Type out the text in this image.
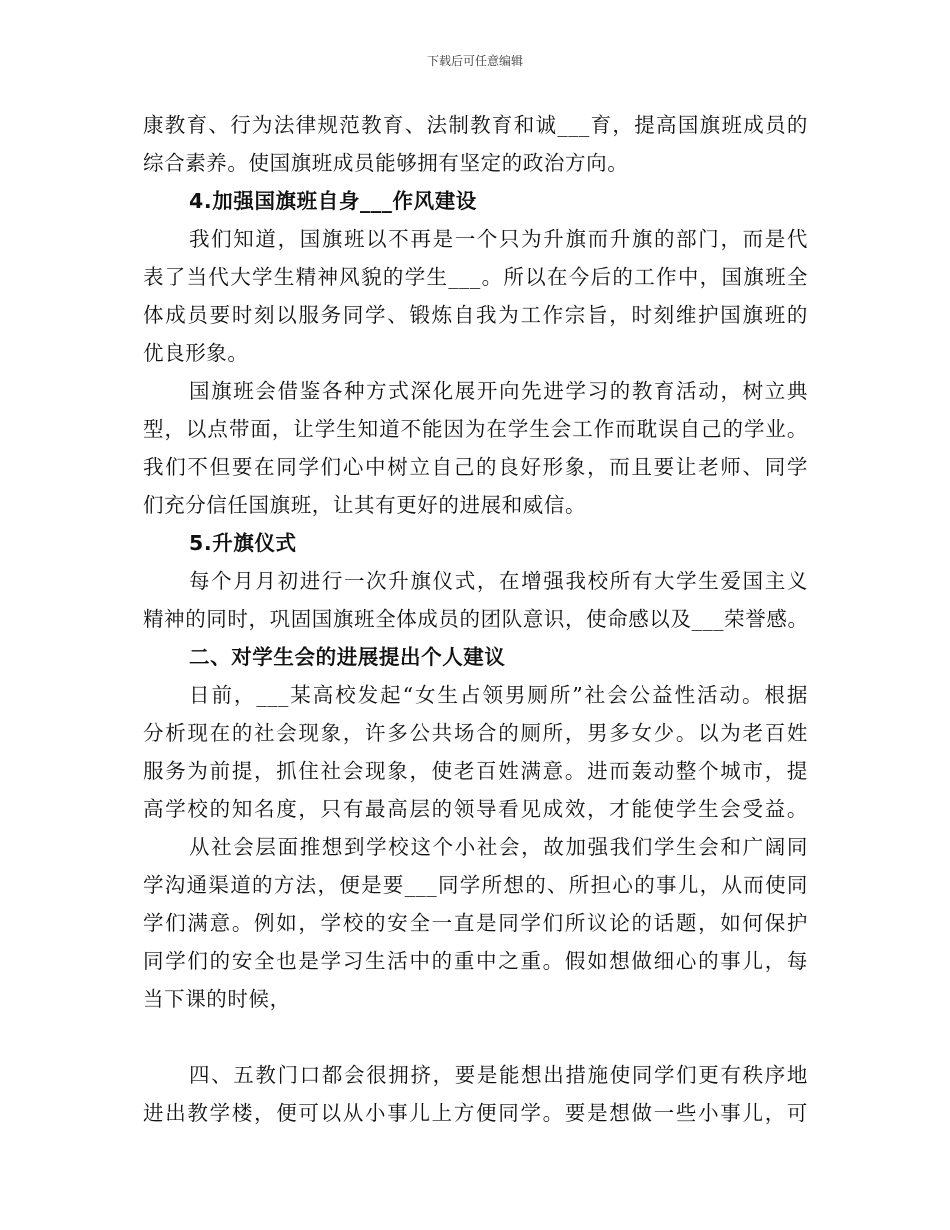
下载后可任意编辑
康教育、行为法律规范教育、法制教育和诚___育，提高国旗班成员的
综合素养。使国旗班成员能够拥有坚定的政治方向。
4.加强国旗班自身___作风建设
我们知道，国旗班以不再是一个只为升旗而升旗的部门，而是代
表了当代大学生精神风貌的学生___。所以在今后的工作中，国旗班全
体成员要时刻以服务同学、锻炼自我为工作宗旨，时刻维护国旗班的
优良形象。
国旗班会借鉴各种方式深化展开向先进学习的教育活动，树立典
型，以点带面，让学生知道不能因为在学生会工作而耽误自己的学业。
我们不但要在同学们心中树立自己的良好形象，而且要让老师、同学
们充分信任国旗班，让其有更好的进展和威信。
5.升旗仪式
每个月月初进行一次升旗仪式，在增强我校所有大学生爱国主义
精神的同时，巩固国旗班全体成员的团队意识，使命感以及___荣誉感。
二、对学生会的进展提出个人建议
日前，___某高校发起“女生占领男厕所”社会公益性活动。根据
分析现在的社会现象，许多公共场合的厕所，男多女少。以为老百姓
服务为前提，抓住社会现象，使老百姓满意。进而轰动整个城市，提
高学校的知名度，只有最高层的领导看见成效，才能使学生会受益。
从社会层面推想到学校这个小社会，故加强我们学生会和广阔同
学沟通渠道的方法，便是要___同学所想的、所担心的事儿，从而使同
学们满意。例如，学校的安全一直是同学们所议论的话题，如何保护
同学们的安全也是学习生活中的重中之重。假如想做细心的事儿，每
当下课的时候，
四、五教门口都会很拥挤，要是能想出措施使同学们更有秩序地
进出教学楼，便可以从小事儿上方便同学。要是想做一些小事儿，可
